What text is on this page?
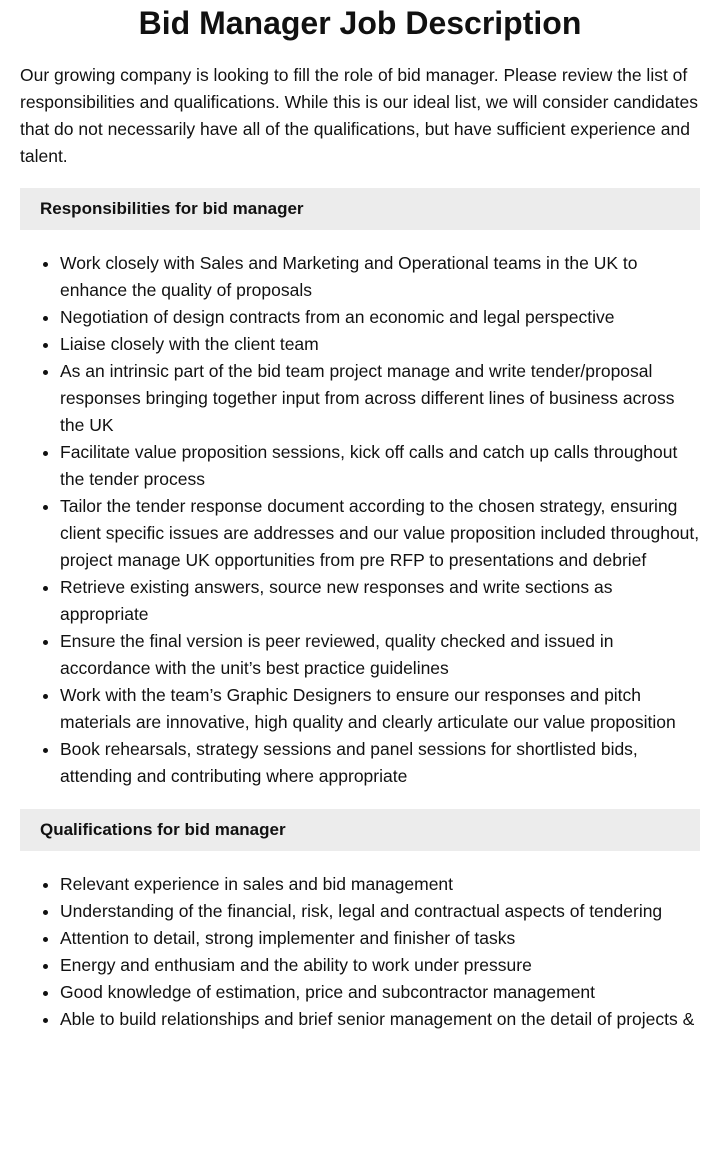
Bid Manager Job Description

Our growing company is looking to fill the role of bid manager. Please review the list of responsibilities and qualifications. While this is our ideal list, we will consider candidates that do not necessarily have all of the qualifications, but have sufficient experience and talent.

Responsibilities for bid manager
• Work closely with Sales and Marketing and Operational teams in the UK to enhance the quality of proposals
• Negotiation of design contracts from an economic and legal perspective
• Liaise closely with the client team
• As an intrinsic part of the bid team project manage and write tender/proposal responses bringing together input from across different lines of business across the UK
• Facilitate value proposition sessions, kick off calls and catch up calls throughout the tender process
• Tailor the tender response document according to the chosen strategy, ensuring client specific issues are addresses and our value proposition included throughout, project manage UK opportunities from pre RFP to presentations and debrief
• Retrieve existing answers, source new responses and write sections as appropriate
• Ensure the final version is peer reviewed, quality checked and issued in accordance with the unit’s best practice guidelines
• Work with the team’s Graphic Designers to ensure our responses and pitch materials are innovative, high quality and clearly articulate our value proposition
• Book rehearsals, strategy sessions and panel sessions for shortlisted bids, attending and contributing where appropriate
Qualifications for bid manager
• Relevant experience in sales and bid management
• Understanding of the financial, risk, legal and contractual aspects of tendering
• Attention to detail, strong implementer and finisher of tasks
• Energy and enthusiam and the ability to work under pressure
• Good knowledge of estimation, price and subcontractor management
• Able to build relationships and brief senior management on the detail of projects &
